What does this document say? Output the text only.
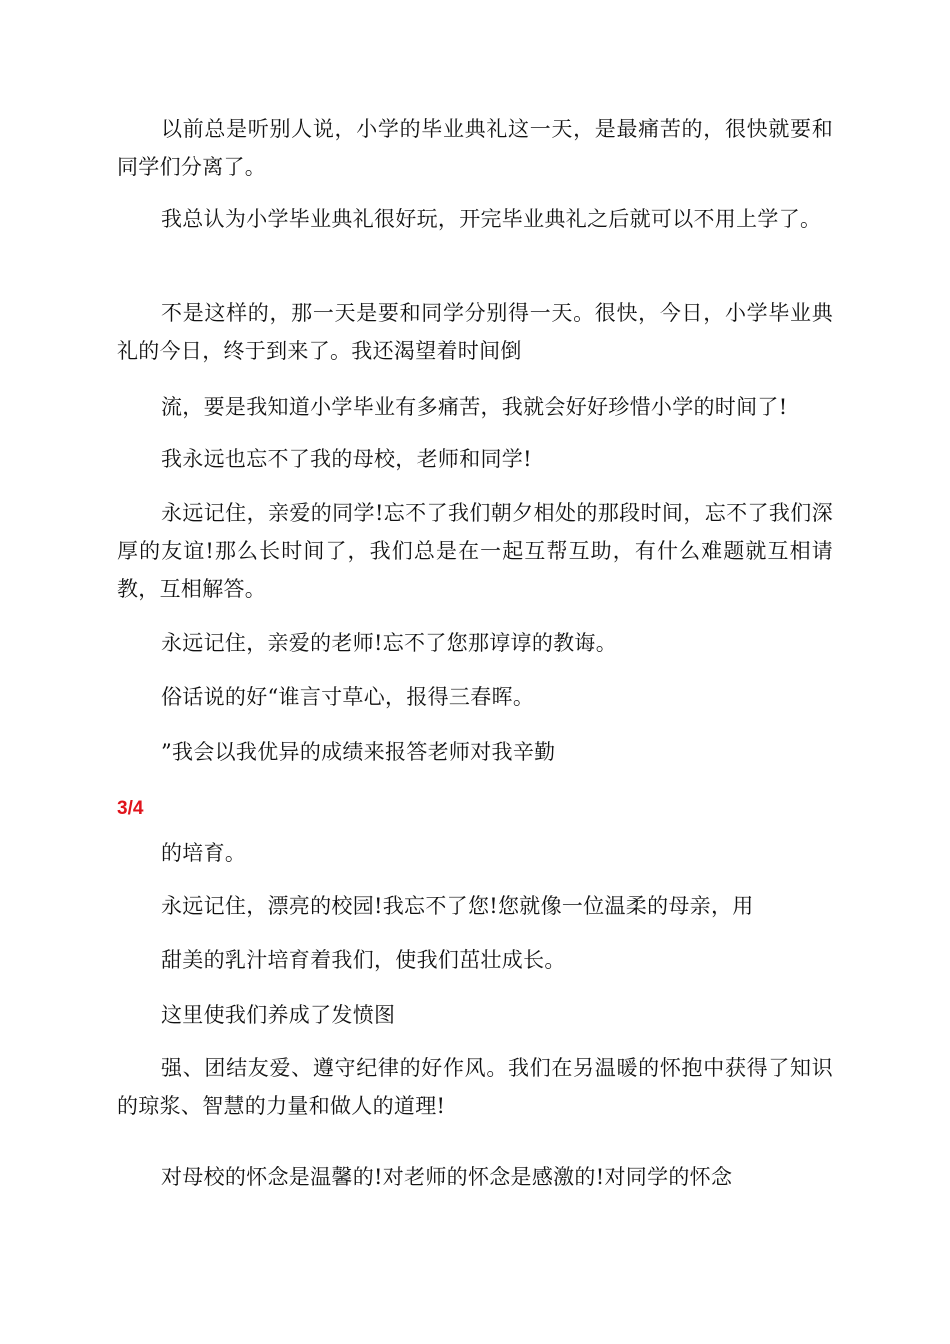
以前总是听别人说，小学的毕业典礼这一天，是最痛苦的，很快就要和同学们分离了。

我总认为小学毕业典礼很好玩，开完毕业典礼之后就可以不用上学了。

不是这样的，那一天是要和同学分别得一天。很快，今日，小学毕业典礼的今日，终于到来了。我还渴望着时间倒

流，要是我知道小学毕业有多痛苦，我就会好好珍惜小学的时间了!

我永远也忘不了我的母校，老师和同学!

永远记住，亲爱的同学!忘不了我们朝夕相处的那段时间，忘不了我们深厚的友谊!那么长时间了，我们总是在一起互帮互助，有什么难题就互相请教，互相解答。

永远记住，亲爱的老师!忘不了您那谆谆的教诲。

俗话说的好“谁言寸草心，报得三春晖。

”我会以我优异的成绩来报答老师对我辛勤

3/4

的培育。

永远记住，漂亮的校园!我忘不了您!您就像一位温柔的母亲，用

甜美的乳汁培育着我们，使我们茁壮成长。

这里使我们养成了发愤图

强、团结友爱、遵守纪律的好作风。我们在另温暖的怀抱中获得了知识的琼浆、智慧的力量和做人的道理!

对母校的怀念是温馨的!对老师的怀念是感激的!对同学的怀念
